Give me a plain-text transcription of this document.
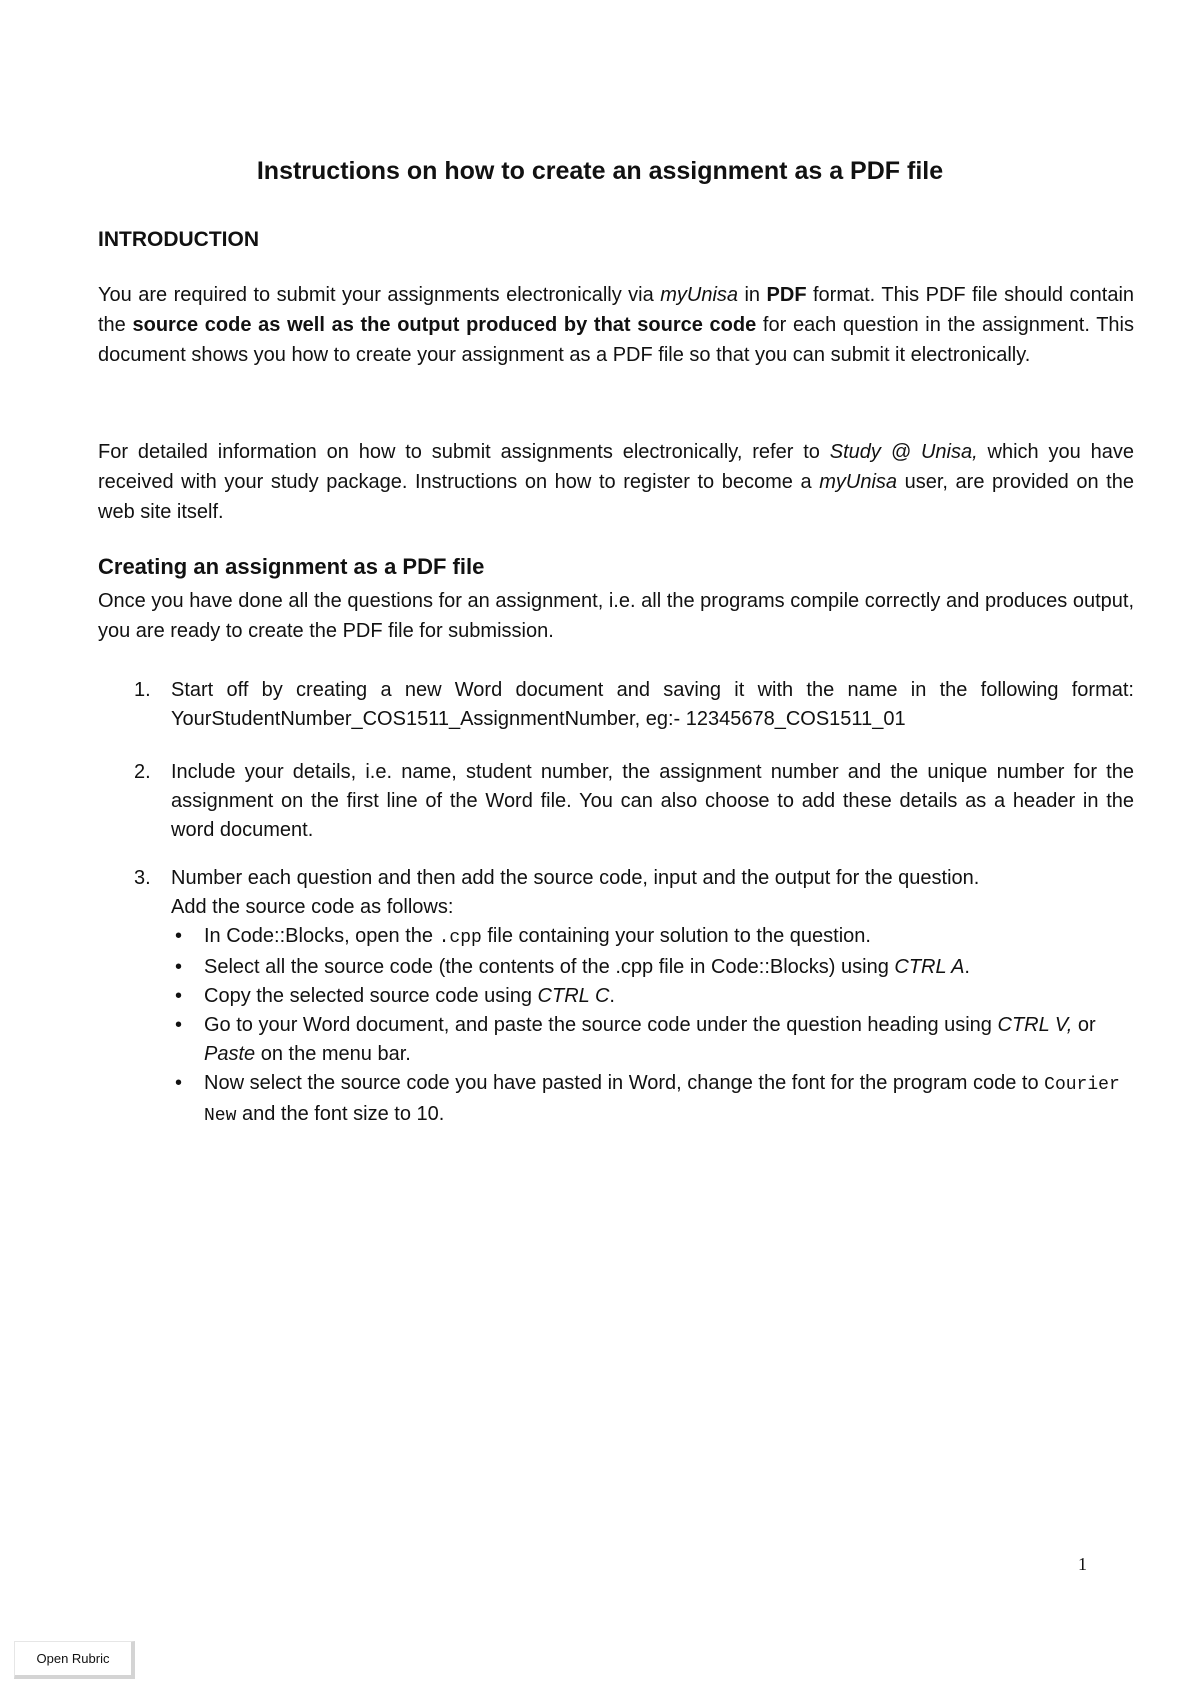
Instructions on how to create an assignment as a PDF file
INTRODUCTION

You are required to submit your assignments electronically via myUnisa in PDF format. This PDF file should contain the source code as well as the output produced by that source code for each question in the assignment. This document shows you how to create your assignment as a PDF file so that you can submit it electronically.

For detailed information on how to submit assignments electronically, refer to Study @ Unisa, which you have received with your study package. Instructions on how to register to become a myUnisa user, are provided on the web site itself.

Creating an assignment as a PDF file

Once you have done all the questions for an assignment, i.e. all the programs compile correctly and produces output, you are ready to create the PDF file for submission.

1. Start off by creating a new Word document and saving it with the name in the following format: YourStudentNumber_COS1511_AssignmentNumber, eg:- 12345678_COS1511_01
2. Include your details, i.e. name, student number, the assignment number and the unique number for the assignment on the first line of the Word file. You can also choose to add these details as a header in the word document.
3. Number each question and then add the source code, input and the output for the question.
Add the source code as follows:
• In Code::Blocks, open the .cpp file containing your solution to the question.
• Select all the source code (the contents of the .cpp file in Code::Blocks) using CTRL A.
• Copy the selected source code using CTRL C.
• Go to your Word document, and paste the source code under the question heading using CTRL V, or Paste on the menu bar.
• Now select the source code you have pasted in Word, change the font for the program code to Courier New and the font size to 10.
1
Open Rubric
